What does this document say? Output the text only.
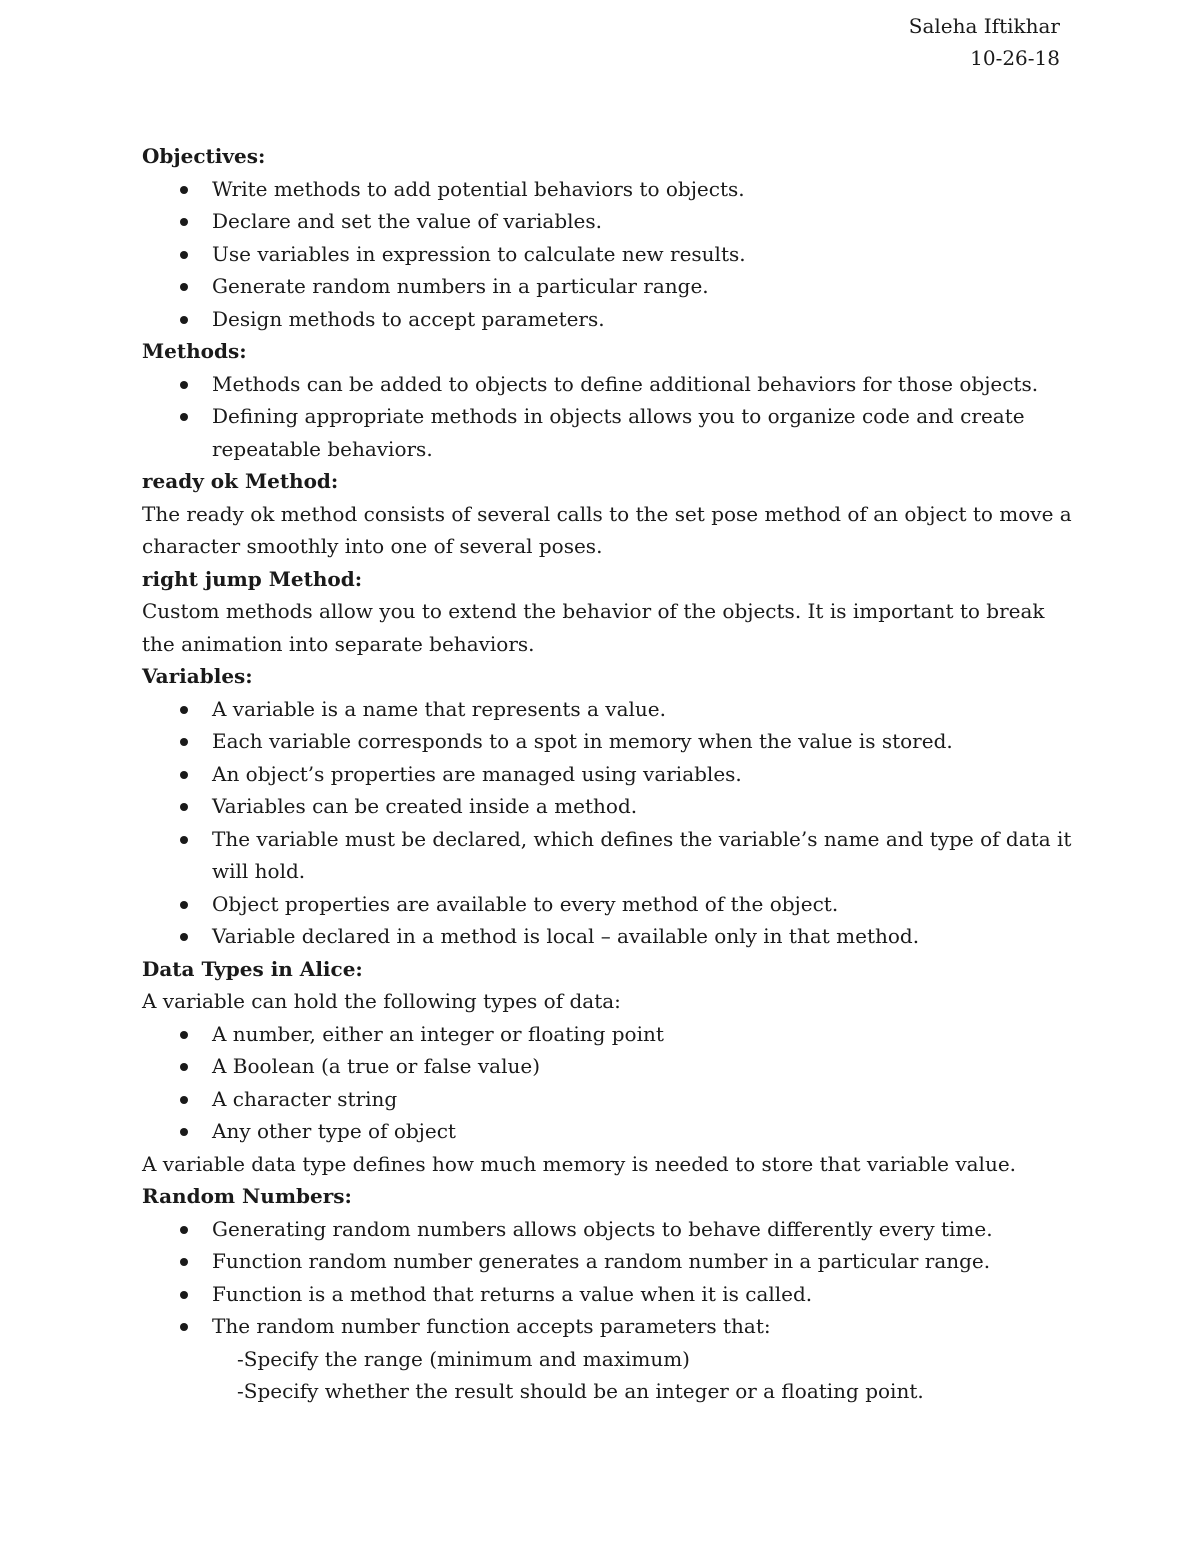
Saleha Iftikhar
10-26-18
Objectives:
Write methods to add potential behaviors to objects.
Declare and set the value of variables.
Use variables in expression to calculate new results.
Generate random numbers in a particular range.
Design methods to accept parameters.
Methods:
Methods can be added to objects to define additional behaviors for those objects.
Defining appropriate methods in objects allows you to organize code and create repeatable behaviors.
ready ok Method:

The ready ok method consists of several calls to the set pose method of an object to move a character smoothly into one of several poses.

right jump Method:

Custom methods allow you to extend the behavior of the objects. It is important to break the animation into separate behaviors.

Variables:
A variable is a name that represents a value.
Each variable corresponds to a spot in memory when the value is stored.
An object’s properties are managed using variables.
Variables can be created inside a method.
The variable must be declared, which defines the variable’s name and type of data it will hold.
Object properties are available to every method of the object.
Variable declared in a method is local – available only in that method.
Data Types in Alice:

A variable can hold the following types of data:

A number, either an integer or floating point
A Boolean (a true or false value)
A character string
Any other type of object

A variable data type defines how much memory is needed to store that variable value.

Random Numbers:
Generating random numbers allows objects to behave differently every time.
Function random number generates a random number in a particular range.
Function is a method that returns a value when it is called.
The random number function accepts parameters that:
-Specify the range (minimum and maximum)
-Specify whether the result should be an integer or a floating point.
